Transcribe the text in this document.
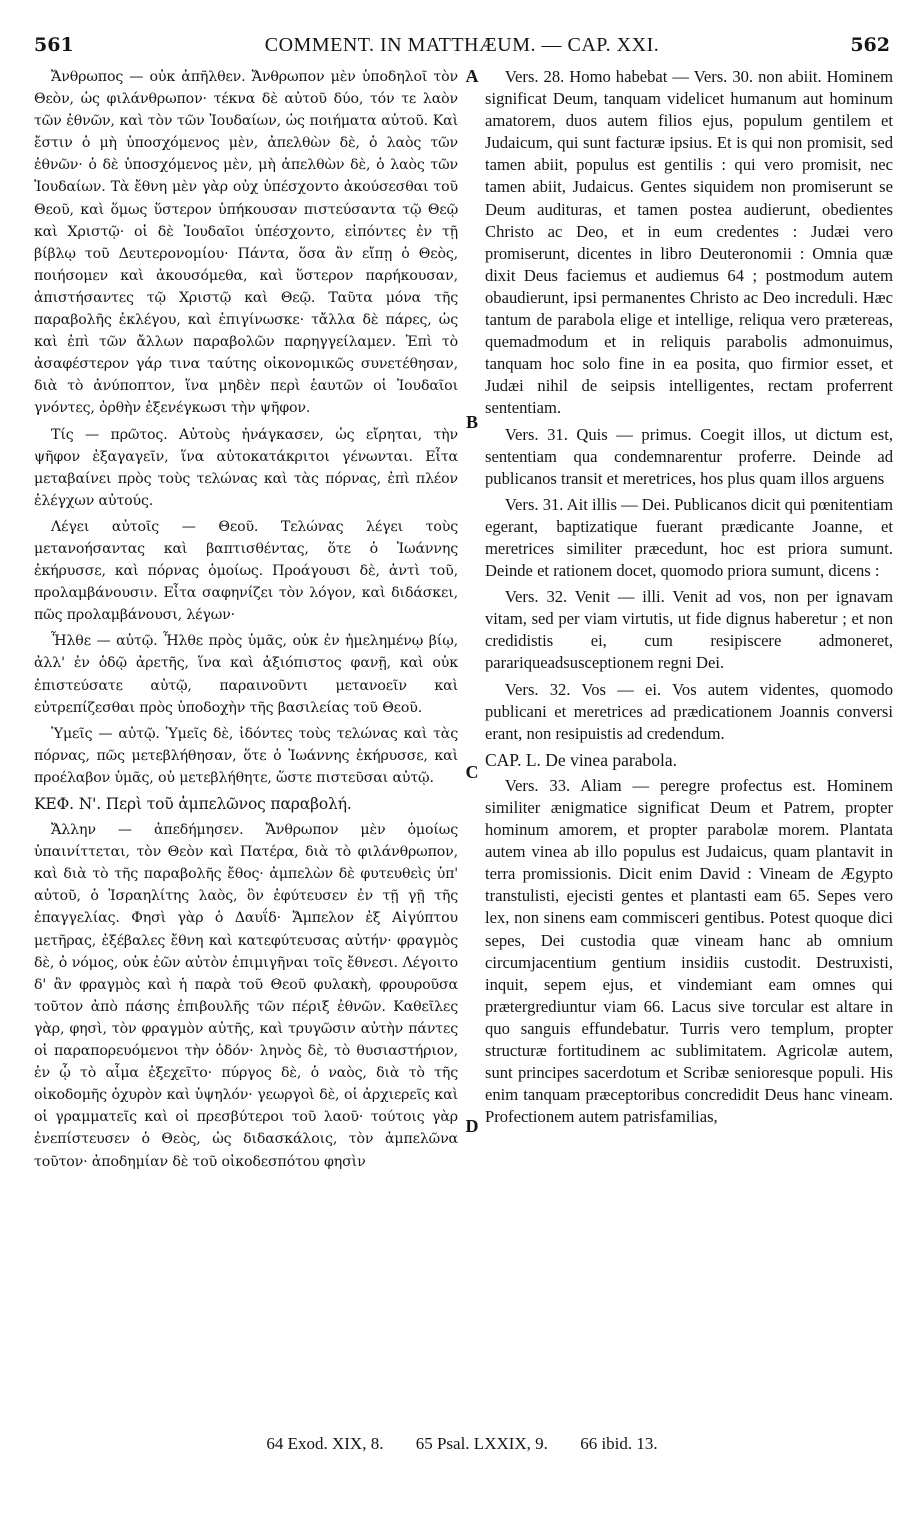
561	COMMENT. IN MATTHÆUM. — CAP. XXI.	562

Ἄνθρωπος — οὐκ ἀπῆλθεν. Ἄνθρωπον μὲν ὑποδηλοῖ τὸν Θεὸν, ὡς φιλάνθρωπον· τέκνα δὲ αὐτοῦ δύο, τόν τε λαὸν τῶν ἐθνῶν, καὶ τὸν τῶν Ἰουδαίων, ὡς ποιήματα αὐτοῦ. Καὶ ἔστιν ὁ μὴ ὑποσχόμενος μὲν, ἀπελθὼν δὲ, ὁ λαὸς τῶν ἐθνῶν· ὁ δὲ ὑποσχόμενος μὲν, μὴ ἀπελθὼν δὲ, ὁ λαὸς τῶν Ἰουδαίων. Τὰ ἔθνη μὲν γὰρ οὐχ ὑπέσχοντο ἀκούσεσθαι τοῦ Θεοῦ, καὶ ὅμως ὕστερον ὑπήκουσαν πιστεύσαντα τῷ Θεῷ καὶ Χριστῷ· οἱ δὲ Ἰουδαῖοι ὑπέσχοντο, εἰπόντες ἐν τῇ βίβλῳ τοῦ Δευτερονομίου· Πάντα, ὅσα ἂν εἴπῃ ὁ Θεὸς, ποιήσομεν καὶ ἀκουσόμεθα, καὶ ὕστερον παρήκουσαν, ἀπιστήσαντες τῷ Χριστῷ καὶ Θεῷ. Ταῦτα μόνα τῆς παραβολῆς ἐκλέγου, καὶ ἐπιγίνωσκε· τἄλλα δὲ πάρες, ὡς καὶ ἐπὶ τῶν ἄλλων παραβολῶν παρηγγείλαμεν. Ἐπὶ τὸ ἀσαφέστερον γάρ τινα ταύτης οἰκονομικῶς συνετέθησαν, διὰ τὸ ἀνύποπτον, ἵνα μηδὲν περὶ ἑαυτῶν οἱ Ἰουδαῖοι γνόντες, ὀρθὴν ἐξενέγκωσι τὴν ψῆφον.

Τίς — πρῶτος. Αὐτοὺς ἠνάγκασεν, ὡς εἴρηται, τὴν ψῆφον ἐξαγαγεῖν, ἵνα αὐτοκατάκριτοι γένωνται. Εἶτα μεταβαίνει πρὸς τοὺς τελώνας καὶ τὰς πόρνας, ἐπὶ πλέον ἐλέγχων αὐτούς.

Λέγει αὐτοῖς — Θεοῦ. Τελώνας λέγει τοὺς μετανοήσαντας καὶ βαπτισθέντας, ὅτε ὁ Ἰωάννης ἐκήρυσσε, καὶ πόρνας ὁμοίως. Προάγουσι δὲ, ἀντὶ τοῦ, προλαμβάνουσιν. Εἶτα σαφηνίζει τὸν λόγον, καὶ διδάσκει, πῶς προλαμβάνουσι, λέγων·

Ἦλθε — αὐτῷ. Ἦλθε πρὸς ὑμᾶς, οὐκ ἐν ἠμελημένῳ βίῳ, ἀλλ' ἐν ὁδῷ ἀρετῆς, ἵνα καὶ ἀξιόπιστος φανῇ, καὶ οὐκ ἐπιστεύσατε αὐτῷ, παραινοῦντι μετανοεῖν καὶ εὐτρεπίζεσθαι πρὸς ὑποδοχὴν τῆς βασιλείας τοῦ Θεοῦ.

Ὑμεῖς — αὐτῷ. Ὑμεῖς δὲ, ἰδόντες τοὺς τελώνας καὶ τὰς πόρνας, πῶς μετεβλήθησαν, ὅτε ὁ Ἰωάννης ἐκήρυσσε, καὶ προέλαβον ὑμᾶς, οὐ μετεβλήθητε, ὥστε πιστεῦσαι αὐτῷ.

ΚΕΦ. Ν'. Περὶ τοῦ ἀμπελῶνος παραβολή.

Ἄλλην — ἀπεδήμησεν. Ἄνθρωπον μὲν ὁμοίως ὑπαινίττεται, τὸν Θεὸν καὶ Πατέρα, διὰ τὸ φιλάνθρωπον, καὶ διὰ τὸ τῆς παραβολῆς ἔθος· ἀμπελὼν δὲ φυτευθεὶς ὑπ' αὐτοῦ, ὁ Ἰσραηλίτης λαὸς, ὃν ἐφύτευσεν ἐν τῇ γῇ τῆς ἐπαγγελίας. Φησὶ γὰρ ὁ Δαυΐδ· Ἄμπελον ἐξ Αἰγύπτου μετῆρας, ἐξέβαλες ἔθνη καὶ κατεφύτευσας αὐτήν· φραγμὸς δὲ, ὁ νόμος, οὐκ ἐῶν αὐτὸν ἐπιμιγῆναι τοῖς ἔθνεσι. Λέγοιτο δ' ἂν φραγμὸς καὶ ἡ παρὰ τοῦ Θεοῦ φυλακὴ, φρουροῦσα τοῦτον ἀπὸ πάσης ἐπιβουλῆς τῶν πέριξ ἐθνῶν. Καθεῖλες γὰρ, φησὶ, τὸν φραγμὸν αὐτῆς, καὶ τρυγῶσιν αὐτὴν πάντες οἱ παραπορευόμενοι τὴν ὁδόν· ληνὸς δὲ, τὸ θυσιαστήριον, ἐν ᾧ τὸ αἷμα ἐξεχεῖτο· πύργος δὲ, ὁ ναὸς, διὰ τὸ τῆς οἰκοδομῆς ὀχυρὸν καὶ ὑψηλόν· γεωργοὶ δὲ, οἱ ἀρχιερεῖς καὶ οἱ γραμματεῖς καὶ οἱ πρεσβύτεροι τοῦ λαοῦ· τούτοις γὰρ ἐνεπίστευσεν ὁ Θεὸς, ὡς διδασκάλοις, τὸν ἀμπελῶνα τοῦτον· ἀποδημίαν δὲ τοῦ οἰκοδεσπότου φησὶν

A
B
C
D

Vers. 28. Homo habebat — Vers. 30. non abiit. Hominem significat Deum, tanquam videlicet humanum aut hominum amatorem, duos autem filios ejus, populum gentilem et Judaicum, qui sunt facturæ ipsius. Et is qui non promisit, sed tamen abiit, populus est gentilis : qui vero promisit, nec tamen abiit, Judaicus. Gentes siquidem non promiserunt se Deum audituras, et tamen postea audierunt, obedientes Christo ac Deo, et in eum credentes : Judæi vero promiserunt, dicentes in libro Deuteronomii : Omnia quæ dixit Deus faciemus et audiemus 64 ; postmodum autem obaudierunt, ipsi permanentes Christo ac Deo increduli. Hæc tantum de parabola elige et intellige, reliqua vero prætereas, quemadmodum et in reliquis parabolis admonuimus, tanquam hoc solo fine in ea posita, quo firmior esset, et Judæi nihil de seipsis intelligentes, rectam proferrent sententiam.

Vers. 31. Quis — primus. Coegit illos, ut dictum est, sententiam qua condemnarentur proferre. Deinde ad publicanos transit et meretrices, hos plus quam illos arguens

Vers. 31. Ait illis — Dei. Publicanos dicit qui pœnitentiam egerant, baptizatique fuerant prædicante Joanne, et meretrices similiter præcedunt, hoc est priora sumunt. Deinde et rationem docet, quomodo priora sumunt, dicens :

Vers. 32. Venit — illi. Venit ad vos, non per ignavam vitam, sed per viam virtutis, ut fide dignus haberetur ; et non credidistis ei, cum resipiscere admoneret, parariqueadsusceptionem regni Dei.

Vers. 32. Vos — ei. Vos autem videntes, quomodo publicani et meretrices ad prædicationem Joannis conversi erant, non resipuistis ad credendum.

CAP. L. De vinea parabola.

Vers. 33. Aliam — peregre profectus est. Hominem similiter ænigmatice significat Deum et Patrem, propter hominum amorem, et propter parabolæ morem. Plantata autem vinea ab illo populus est Judaicus, quam plantavit in terra promissionis. Dicit enim David : Vineam de Ægypto transtulisti, ejecisti gentes et plantasti eam 65. Sepes vero lex, non sinens eam commisceri gentibus. Potest quoque dici sepes, Dei custodia quæ vineam hanc ab omnium circumjacentium gentium insidiis custodit. Destruxisti, inquit, sepem ejus, et vindemiant eam omnes qui prætergrediuntur viam 66. Lacus sive torcular est altare in quo sanguis effundebatur. Turris vero templum, propter structuræ fortitudinem ac sublimitatem. Agricolæ autem, sunt principes sacerdotum et Scribæ senioresque populi. His enim tanquam præceptoribus concredidit Deus hanc vineam. Profectionem autem patrisfamilias,

64 Exod. XIX, 8. 65 Psal. LXXIX, 9. 66 ibid. 13.
